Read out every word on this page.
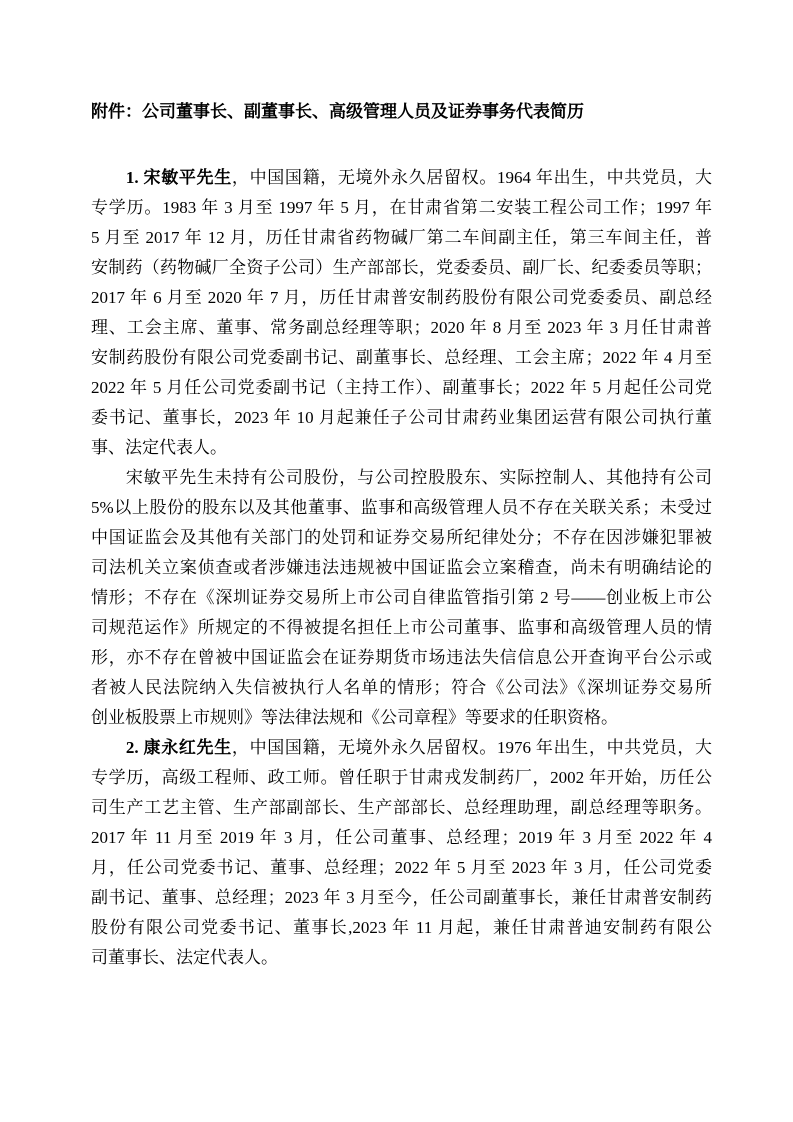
附件：公司董事长、副董事长、高级管理人员及证券事务代表简历
1. 宋敏平先生，中国国籍，无境外永久居留权。1964 年出生，中共党员，大
专学历。1983 年 3 月至 1997 年 5 月，在甘肃省第二安装工程公司工作；1997 年
5 月至 2017 年 12 月，历任甘肃省药物碱厂第二车间副主任，第三车间主任，普
安制药（药物碱厂全资子公司）生产部部长，党委委员、副厂长、纪委委员等职；
2017 年 6 月至 2020 年 7 月，历任甘肃普安制药股份有限公司党委委员、副总经
理、工会主席、董事、常务副总经理等职；2020 年 8 月至 2023 年 3 月任甘肃普
安制药股份有限公司党委副书记、副董事长、总经理、工会主席；2022 年 4 月至
2022 年 5 月任公司党委副书记（主持工作）、副董事长；2022 年 5 月起任公司党
委书记、董事长，2023 年 10 月起兼任子公司甘肃药业集团运营有限公司执行董
事、法定代表人。
宋敏平先生未持有公司股份，与公司控股股东、实际控制人、其他持有公司
5%以上股份的股东以及其他董事、监事和高级管理人员不存在关联关系；未受过
中国证监会及其他有关部门的处罚和证券交易所纪律处分；不存在因涉嫌犯罪被
司法机关立案侦查或者涉嫌违法违规被中国证监会立案稽查，尚未有明确结论的
情形；不存在《深圳证券交易所上市公司自律监管指引第 2 号——创业板上市公
司规范运作》所规定的不得被提名担任上市公司董事、监事和高级管理人员的情
形，亦不存在曾被中国证监会在证券期货市场违法失信信息公开查询平台公示或
者被人民法院纳入失信被执行人名单的情形；符合《公司法》《深圳证券交易所
创业板股票上市规则》等法律法规和《公司章程》等要求的任职资格。
2. 康永红先生，中国国籍，无境外永久居留权。1976 年出生，中共党员，大
专学历，高级工程师、政工师。曾任职于甘肃戎发制药厂，2002 年开始，历任公
司生产工艺主管、生产部副部长、生产部部长、总经理助理，副总经理等职务。
2017 年 11 月至 2019 年 3 月，任公司董事、总经理；2019 年 3 月至 2022 年 4
月，任公司党委书记、董事、总经理；2022 年 5 月至 2023 年 3 月，任公司党委
副书记、董事、总经理；2023 年 3 月至今，任公司副董事长，兼任甘肃普安制药
股份有限公司党委书记、董事长,2023 年 11 月起，兼任甘肃普迪安制药有限公
司董事长、法定代表人。
